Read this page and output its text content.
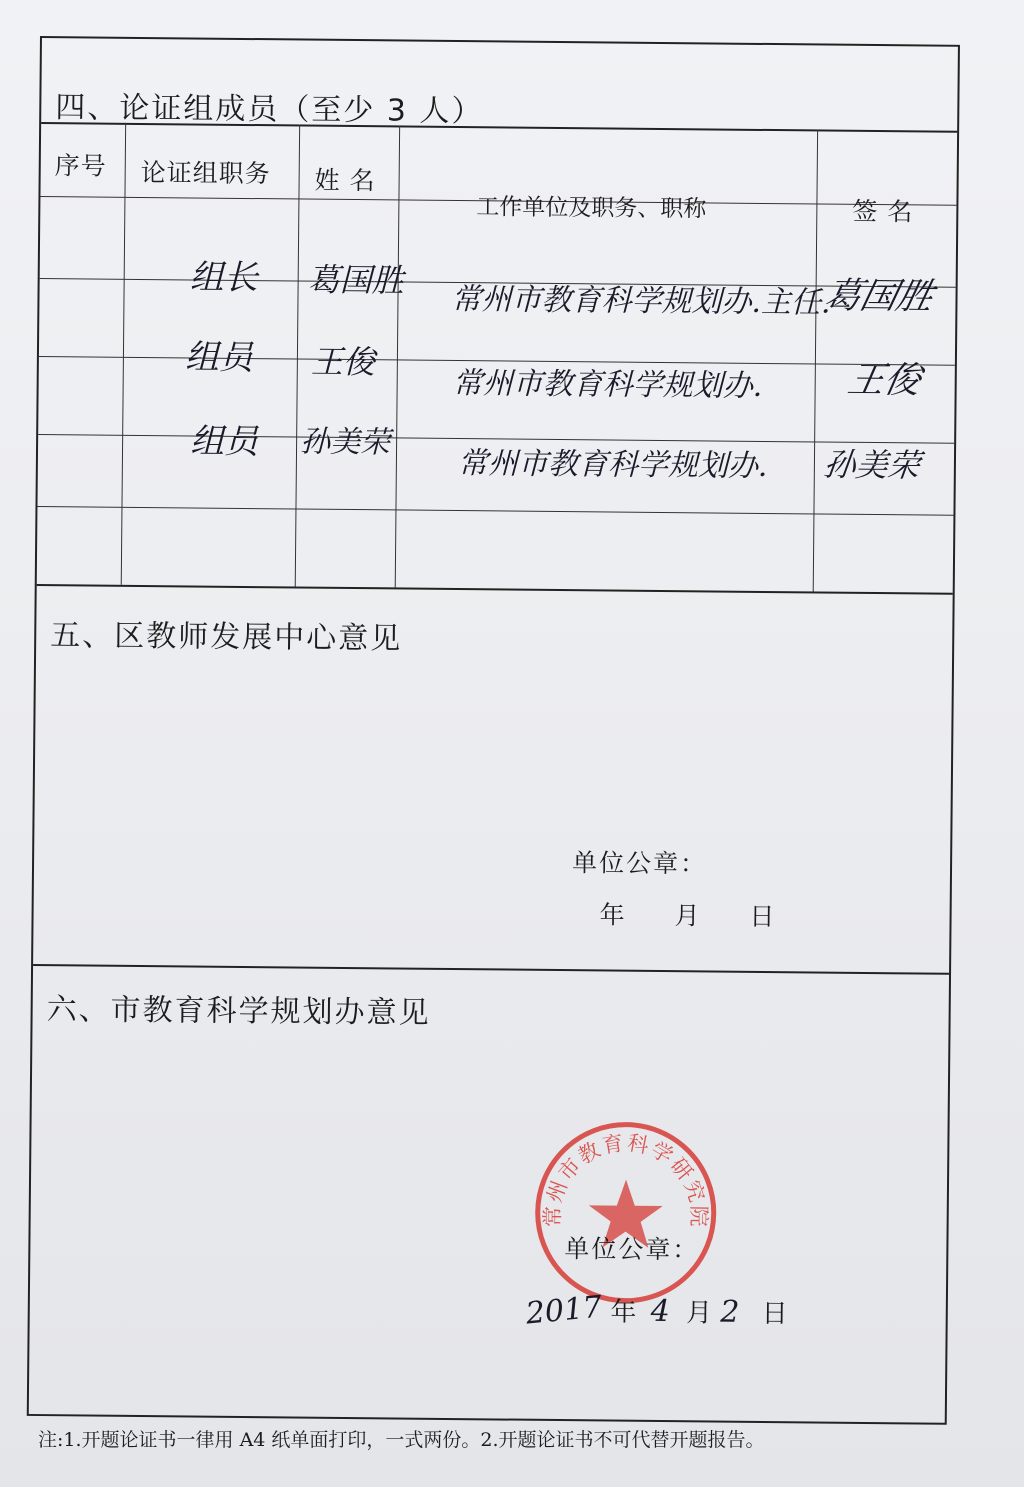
四、论证组成员（至少 3 人）
序号 论证组职务 姓 名
工作单位及职务、职称	签 名
组长 葛国胜
常州市教育科学规划办.主任.
葛国胜
组员 王俊
常州市教育科学规划办. 王俊
组员 孙美荣
常州市教育科学规划办. 孙美荣
五、区教师发展中心意见
单位公章：
年 月 日
六、市教育科学规划办意见
常州市教育科学研究院规划办公室
单位公章：
2017 年 4 月 2 日
注:1.开题论证书一律用 A4 纸单面打印，一式两份。2.开题论证书不可代替开题报告。
